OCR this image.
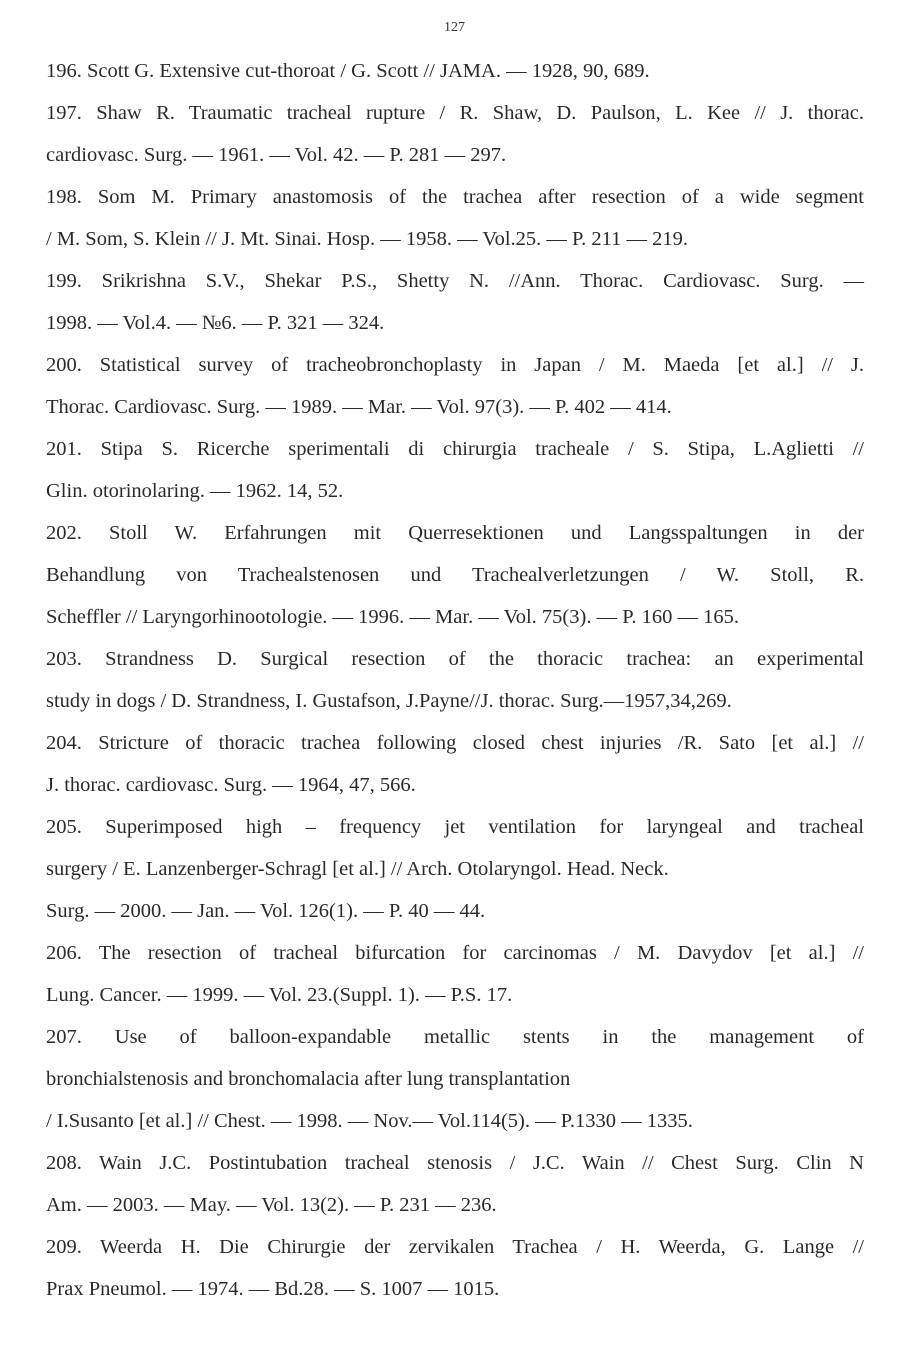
127
196. Scott G. Extensive cut-thoroat / G. Scott // JAMA. — 1928, 90, 689.
197. Shaw R. Traumatic tracheal rupture / R. Shaw, D. Paulson, L. Kee // J. thorac.
cardiovasc. Surg. — 1961. — Vol. 42. — P. 281 — 297.
198. Som M. Primary anastomosis of the trachea after resection of a wide segment
/ M. Som, S. Klein // J. Mt. Sinai. Hosp. — 1958. — Vol.25. — P. 211 — 219.
199. Srikrishna S.V., Shekar P.S., Shetty N. //Ann. Thorac. Cardiovasc. Surg. —
1998. — Vol.4. — №6. — P. 321 — 324.
200. Statistical survey of tracheobronchoplasty in Japan / M. Maeda [et al.] // J.
Thorac. Cardiovasc. Surg. — 1989. — Mar. — Vol. 97(3). — P. 402 — 414.
201. Stipa S. Ricerche sperimentali di chirurgia tracheale / S. Stipa, L.Aglietti //
Glin. otorinolaring. — 1962. 14, 52.
202. Stoll W. Erfahrungen mit Querresektionen und Langsspaltungen in der
Behandlung von Trachealstenosen und Trachealverletzungen / W. Stoll, R.
Scheffler // Laryngorhinootologie. — 1996. — Mar. — Vol. 75(3). — P. 160 — 165.
203. Strandness D. Surgical resection of the thoracic trachea: an experimental
study in dogs / D. Strandness, I. Gustafson, J.Payne//J. thorac. Surg.—1957,34,269.
204. Stricture of thoracic trachea following closed chest injuries /R. Sato [et al.] //
J. thorac. cardiovasc. Surg. — 1964, 47, 566.
205. Superimposed high – frequency jet ventilation for laryngeal and tracheal
surgery / E. Lanzenberger-Schragl [et al.] // Arch. Otolaryngol. Head. Neck.
Surg. — 2000. — Jan. — Vol. 126(1). — P. 40 — 44.
206. The resection of tracheal bifurcation for carcinomas / M. Davydov [et al.] //
Lung. Cancer. — 1999. — Vol. 23.(Suppl. 1). — P.S. 17.
207. Use of balloon-expandable metallic stents in the management of
bronchialstenosis and bronchomalacia after lung transplantation
/ I.Susanto [et al.] // Chest. — 1998. — Nov.— Vol.114(5). — P.1330 — 1335.
208. Wain J.C. Postintubation tracheal stenosis / J.C. Wain // Chest Surg. Clin N
Am. — 2003. — May. — Vol. 13(2). — P. 231 — 236.
209. Weerda H. Die Chirurgie der zervikalen Trachea / H. Weerda, G. Lange //
Prax Pneumol. — 1974. — Bd.28. — S. 1007 — 1015.
